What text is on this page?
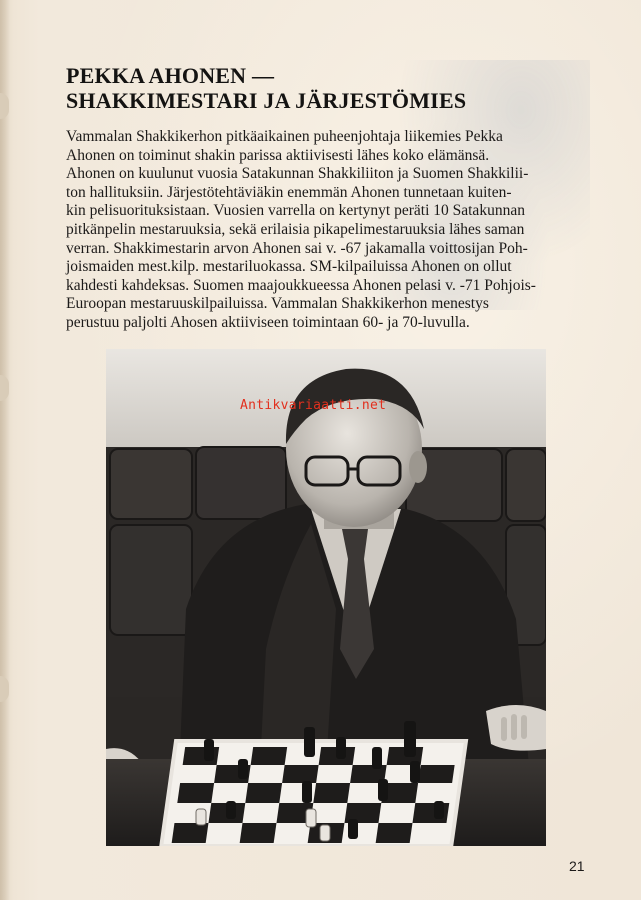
PEKKA AHONEN —
SHAKKIMESTARI JA JÄRJESTÖMIES
Vammalan Shakkikerhon pitkäaikainen puheenjohtaja liikemies Pekka
Ahonen on toiminut shakin parissa aktiivisesti lähes koko elämänsä.
Ahonen on kuulunut vuosia Satakunnan Shakkiliiton ja Suomen Shakkilii-
ton hallituksiin. Järjestötehtäviäkin enemmän Ahonen tunnetaan kuiten-
kin pelisuorituksistaan. Vuosien varrella on kertynyt peräti 10 Satakunnan
pitkänpelin mestaruuksia, sekä erilaisia pikapelimestaruuksia lähes saman
verran. Shakkimestarin arvon Ahonen sai v. -67 jakamalla voittosijan Poh-
joismaiden mest.kilp. mestariluokassa. SM-kilpailuissa Ahonen on ollut
kahdesti kahdeksas. Suomen maajoukkueessa Ahonen pelasi v. -71 Pohjois-
Euroopan mestaruuskilpailuissa. Vammalan Shakkikerhon menestys
perustuu paljolti Ahosen aktiiviseen toimintaan 60- ja 70-luvulla.
Antikvariaatti.net
21
